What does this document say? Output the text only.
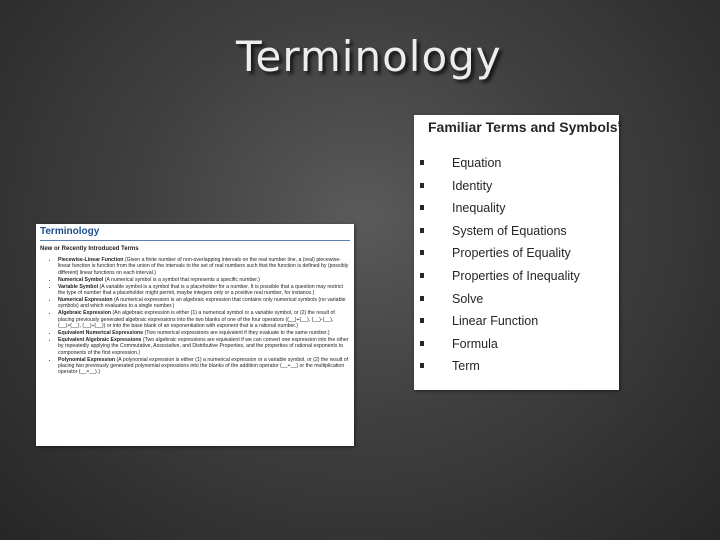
Terminology
Terminology
New or Recently Introduced Terms
• Piecewise-Linear Function (Given a finite number of non-overlapping intervals on the real number line, a (real) piecewise-linear function is function from the union of the intervals to the set of real numbers such that the function is defined by (possibly different) linear functions on each interval.)
• Numerical Symbol (A numerical symbol is a symbol that represents a specific number.)
• Variable Symbol (A variable symbol is a symbol that is a placeholder for a number. It is possible that a question may restrict the type of number that a placeholder might permit, maybe integers only or a positive real number, for instance.)
• Numerical Expression (A numerical expression is an algebraic expression that contains only numerical symbols (no variable symbols) and which evaluates to a single number.)
• Algebraic Expression (An algebraic expression is either (1) a numerical symbol or a variable symbol, or (2) the result of placing previously generated algebraic expressions into the two blanks of one of the four operators ((__)+(__), (__)-(__), (__)×(__), (__)÷(__)) or into the base blank of an exponentiation with exponent that is a rational number.)
• Equivalent Numerical Expressions (Two numerical expressions are equivalent if they evaluate to the same number.)
• Equivalent Algebraic Expressions (Two algebraic expressions are equivalent if we can convert one expression into the other by repeatedly applying the Commutative, Associative, and Distributive Properties, and the properties of rational exponents to components of the first expression.)
• Polynomial Expression (A polynomial expression is either (1) a numerical expression or a variable symbol, or (2) the result of placing two previously generated polynomial expressions into the blanks of the addition operator (__+__) or the multiplication operator (__×__).)
Familiar Terms and Symbols$^5$
Equation
Identity
Inequality
System of Equations
Properties of Equality
Properties of Inequality
Solve
Linear Function
Formula
Term
